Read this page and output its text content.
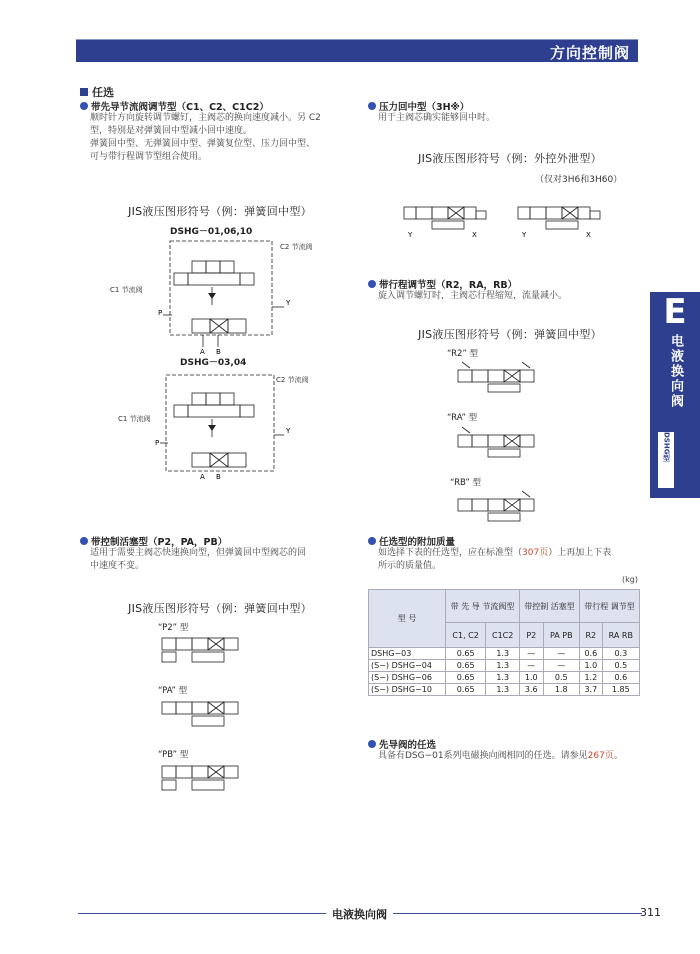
方向控制阀
任选
带先导节流阀调节型（C1、C2、C1C2）
顺时针方向旋转调节螺钉，主阀芯的换向速度减小。另 C2
型，特别是对弹簧回中型减小回中速度。
弹簧回中型、无弹簧回中型、弹簧复位型、压力回中型、
可与带行程调节型组合使用。
JIS液压图形符号（例：弹簧回中型）
DSHG－01,06,10
P
Y
A B
C2 节流阀
C1 节流阀
DSHG－03,04
P
Y
A B
C2 节流阀
C1 节流阀
带控制活塞型（P2，PA，PB）
适用于需要主阀芯快速换向型，但弹簧回中型阀芯的回
中速度不变。
JIS液压图形符号（例：弹簧回中型）
“P2” 型
“PA” 型
“PB” 型
压力回中型（3H※）
用于主阀芯确实能够回中时。
JIS液压图形符号（例：外控外泄型）
（仅对3H6和3H60）
Y	X	Y	X
带行程调节型（R2，RA，RB）
旋入调节螺钉时，主阀芯行程缩短，流量减小。
JIS液压图形符号（例：弹簧回中型）
“R2” 型
“RA” 型
“RB” 型
任选型的附加质量
如选择下表的任选型，应在标准型（307页）上再加上下表
所示的质量值。
(kg)
型 号	带 先 导 节流阀型		带控制 活塞型		带行程 调节型	
	C1, C2	C1C2	P2	PA PB	R2	RA RB
DSHG−03	0.65	1.3	—	—	0.6	0.3
(S−) DSHG−04	0.65	1.3	—	—	1.0	0.5
(S−) DSHG−06	0.65	1.3	1.0	0.5	1.2	0.6
(S−) DSHG−10	0.65	1.3	3.6	1.8	3.7	1.85
先导阀的任选
具备有DSG−01系列电磁换向阀相同的任选。请参见267页。
E
电液换向阀
DSHG型
电液换向阀	311
